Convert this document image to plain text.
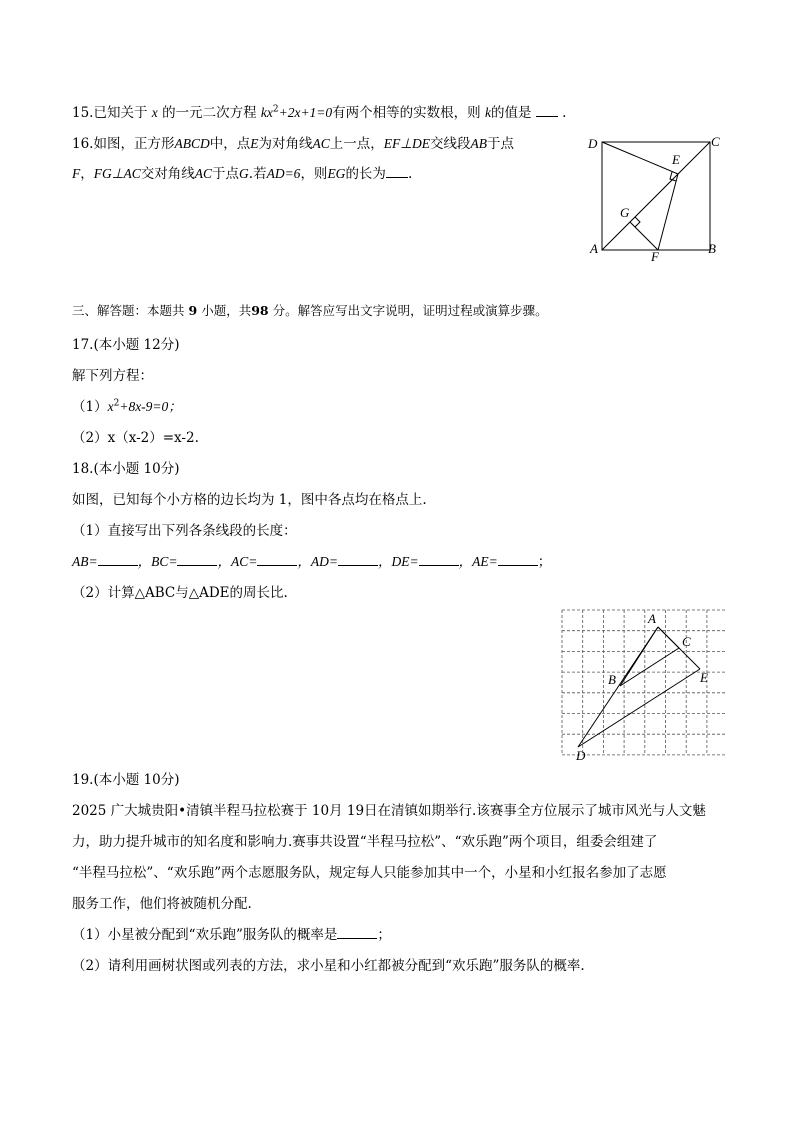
15.已知关于 x 的一元二次方程 $kx^2+2x+1=0$有两个相等的实数根，则 k的值是 .
16.如图，正方形ABCD中，点E为对角线AC上一点，EF⊥DE交线段AB于点
F，FG⊥AC交对角线AC于点G.若AD=6，则EG的长为 .
D	C
E
G
A	B
F
三、解答题：本题共 9 小题，共98 分。解答应写出文字说明，证明过程或演算步骤。
17.(本小题 12分)
解下列方程：
$(1)x^2+8x-9=0$；
（2）x（x-2）=x-2.
18.(本小题 10分)
如图，已知每个小方格的边长均为 1，图中各点均在格点上.
（1）直接写出下列各条线段的长度：
AB=	，BC=	，AC=	，AD=	，DE=	，AE=	；
（2）计算△ABC与△ADE的周长比.
A
C
B	E
D
19.(本小题 10分)
2025 广大城贵阳•清镇半程马拉松赛于 10月 19日在清镇如期举行.该赛事全方位展示了城市风光与人文魅
力，助力提升城市的知名度和影响力.赛事共设置“半程马拉松”、“欢乐跑”两个项目，组委会组建了
“半程马拉松”、“欢乐跑”两个志愿服务队，规定每人只能参加其中一个，小星和小红报名参加了志愿
服务工作，他们将被随机分配.
（1）小星被分配到“欢乐跑”服务队的概率是	；
（2）请利用画树状图或列表的方法，求小星和小红都被分配到“欢乐跑”服务队的概率.
